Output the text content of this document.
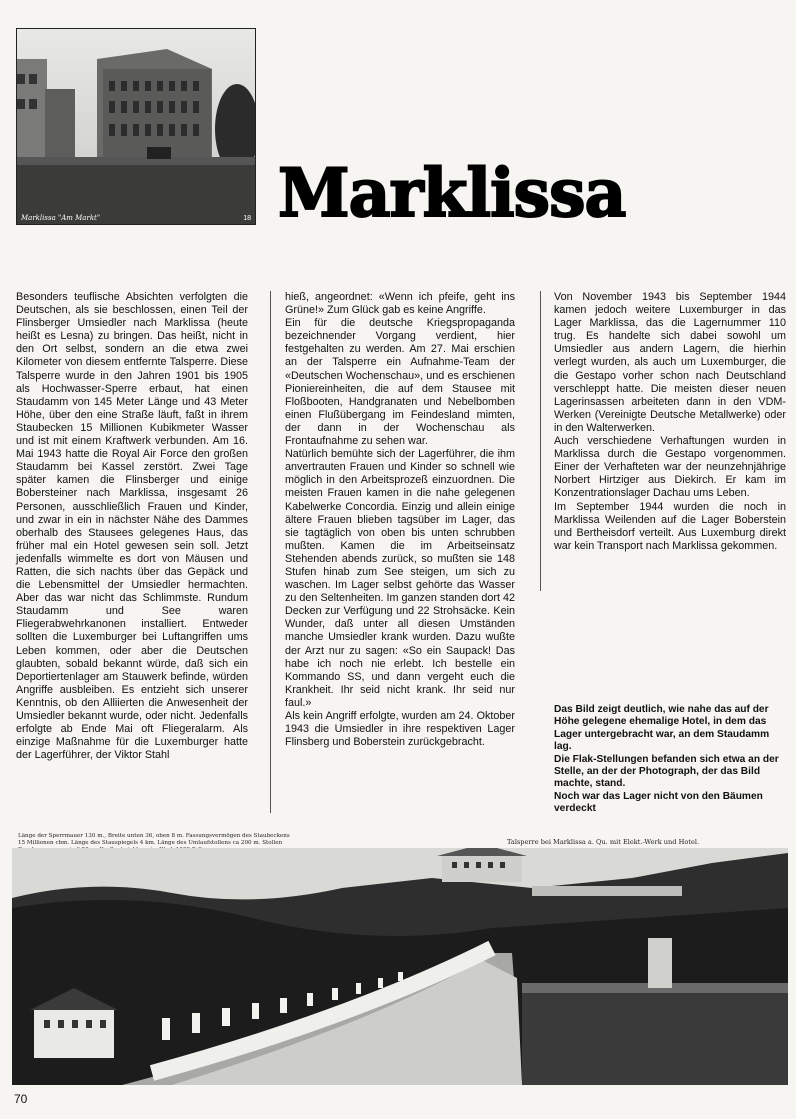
Marklissa "Am Markt"	18 Marklissa

Besonders teuflische Absichten verfolgten die Deutschen, als sie beschlossen, einen Teil der Flinsberger Umsiedler nach Marklissa (heute heißt es Lesna) zu bringen. Das heißt, nicht in den Ort selbst, sondern an die etwa zwei Kilometer von diesem entfernte Talsperre. Diese Talsperre wurde in den Jahren 1901 bis 1905 als Hochwasser-Sperre erbaut, hat einen Staudamm von 145 Meter Länge und 43 Meter Höhe, über den eine Straße läuft, faßt in ihrem Staubecken 15 Millionen Kubikmeter Wasser und ist mit einem Kraftwerk verbunden. Am 16. Mai 1943 hatte die Royal Air Force den großen Staudamm bei Kassel zerstört. Zwei Tage später kamen die Flinsberger und einige Bobersteiner nach Marklissa, insgesamt 26 Personen, ausschließlich Frauen und Kinder, und zwar in ein in nächster Nähe des Dammes oberhalb des Stausees gelegenes Haus, das früher mal ein Hotel gewesen sein soll. Jetzt jedenfalls wimmelte es dort von Mäusen und Ratten, die sich nachts über das Gepäck und die Lebensmittel der Umsiedler hermachten. Aber das war nicht das Schlimmste. Rundum Staudamm und See waren Fliegerabwehrkanonen installiert. Entweder sollten die Luxemburger bei Luftangriffen ums Leben kommen, oder aber die Deutschen glaubten, sobald bekannt würde, daß sich ein Deportiertenlager am Stauwerk befinde, würden Angriffe ausbleiben. Es entzieht sich unserer Kenntnis, ob den Alliierten die Anwesenheit der Umsiedler bekannt wurde, oder nicht. Jedenfalls erfolgte ab Ende Mai oft Fliegeralarm. Als einzige Maßnahme für die Luxemburger hatte der Lagerführer, der Viktor Stahl

hieß, angeordnet: «Wenn ich pfeife, geht ins Grüne!» Zum Glück gab es keine Angriffe.

Ein für die deutsche Kriegspropaganda bezeichnender Vorgang verdient, hier festgehalten zu werden. Am 27. Mai erschien an der Talsperre ein Aufnahme-Team der «Deutschen Wochenschau», und es erschienen Pioniereinheiten, die auf dem Stausee mit Floßbooten, Handgranaten und Nebelbomben einen Flußübergang im Feindesland mimten, der dann in der Wochenschau als Frontaufnahme zu sehen war.

Natürlich bemühte sich der Lagerführer, die ihm anvertrauten Frauen und Kinder so schnell wie möglich in den Arbeitsprozeß einzuordnen. Die meisten Frauen kamen in die nahe gelegenen Kabelwerke Concordia. Einzig und allein einige ältere Frauen blieben tagsüber im Lager, das sie tagtäglich von oben bis unten schrubben mußten. Kamen die im Arbeitseinsatz Stehenden abends zurück, so mußten sie 148 Stufen hinab zum See steigen, um sich zu waschen. Im Lager selbst gehörte das Wasser zu den Seltenheiten. Im ganzen standen dort 42 Decken zur Verfügung und 22 Strohsäcke. Kein Wunder, daß unter all diesen Umständen manche Umsiedler krank wurden. Dazu wußte der Arzt nur zu sagen: «So ein Saupack! Das habe ich noch nie erlebt. Ich bestelle ein Kommando SS, und dann vergeht euch die Krankheit. Ihr seid nicht krank. Ihr seid nur faul.»

Als kein Angriff erfolgte, wurden am 24. Oktober 1943 die Umsiedler in ihre respektiven Lager Flinsberg und Boberstein zurückgebracht.

Von November 1943 bis September 1944 kamen jedoch weitere Luxemburger in das Lager Marklissa, das die Lagernummer 110 trug. Es handelte sich dabei sowohl um Umsiedler aus andern Lagern, die hierhin verlegt wurden, als auch um Luxemburger, die die Gestapo vorher schon nach Deutschland verschleppt hatte. Die meisten dieser neuen Lagerinsassen arbeiteten dann in den VDM-Werken (Vereinigte Deutsche Metallwerke) oder in den Walterwerken.

Auch verschiedene Verhaftungen wurden in Marklissa durch die Gestapo vorgenommen. Einer der Verhafteten war der neunzehnjährige Norbert Hirtziger aus Diekirch. Er kam im Konzentrationslager Dachau ums Leben.

Im September 1944 wurden die noch in Marklissa Weilenden auf die Lager Boberstein und Bertheisdorf verteilt. Aus Luxemburg direkt war kein Transport nach Marklissa gekommen.

Das Bild zeigt deutlich, wie nahe das auf der Höhe gelegene ehemalige Hotel, in dem das Lager untergebracht war, an dem Staudamm lag.

Die Flak-Stellungen befanden sich etwa an der Stelle, an der der Photograph, der das Bild machte, stand.

Noch war das Lager nicht von den Bäumen verdeckt

Länge der Sperrmauer 130 m., Breite unten 36, oben 8 m. Fassungsvermögen des Staubeckens
15 Millionen cbm. Länge des Stauspiegels 4 km. Länge des Umlaufstollens ca 200 m. Stollen	Talsperre bei Marklissa a. Qu. mit Elekt.-Werk und Hotel.
70
